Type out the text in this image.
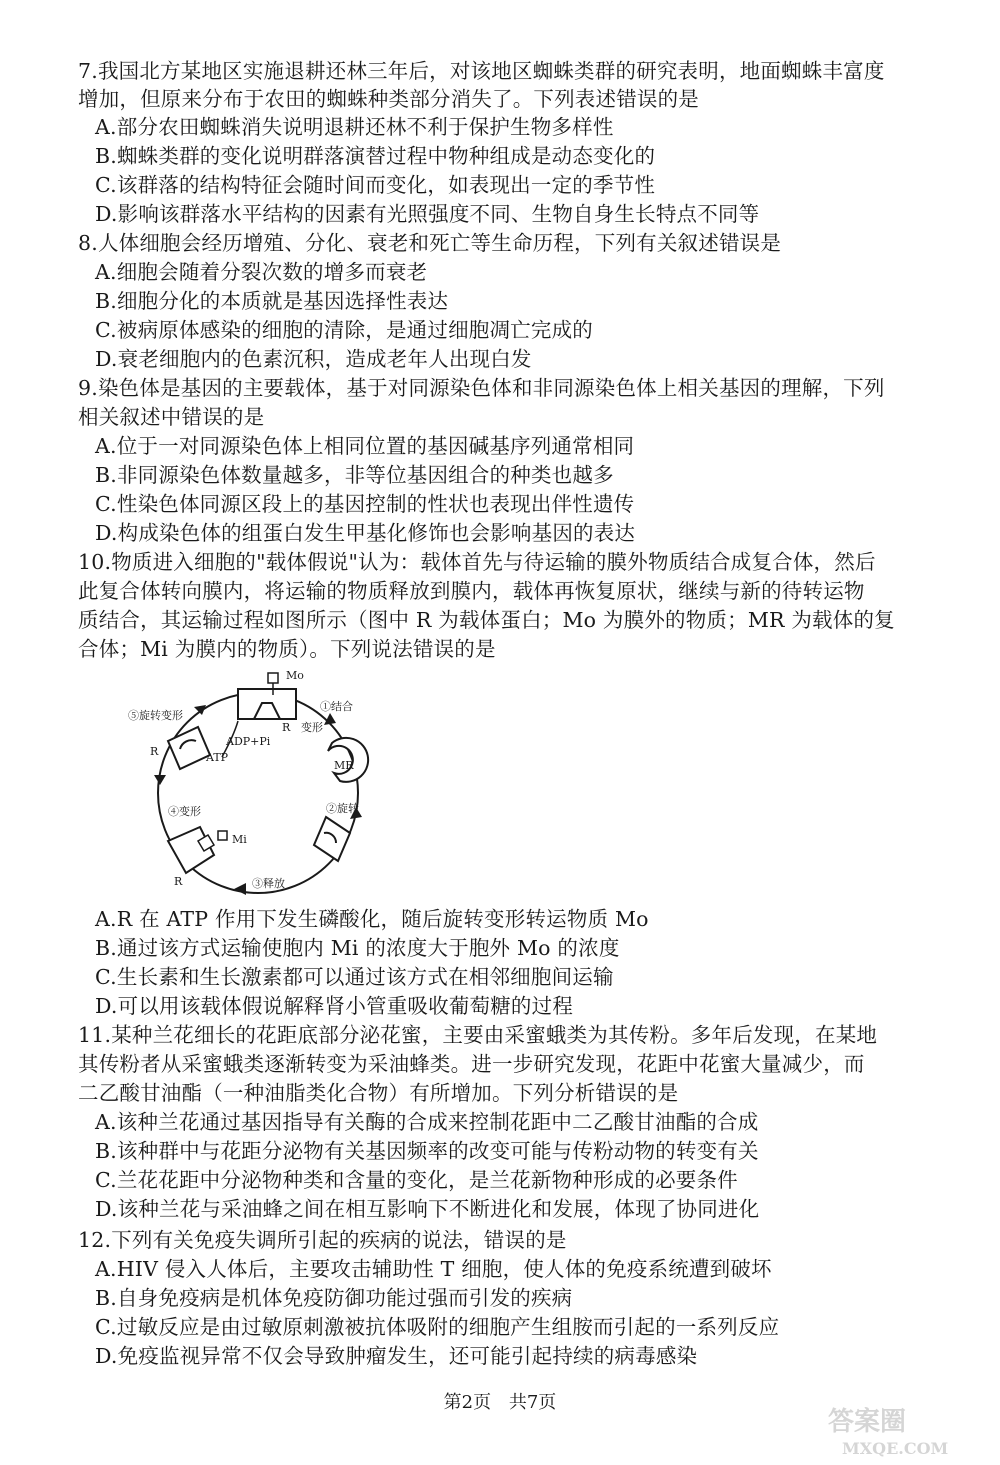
7.我国北方某地区实施退耕还林三年后，对该地区蜘蛛类群的研究表明，地面蜘蛛丰富度
增加，但原来分布于农田的蜘蛛种类部分消失了。下列表述错误的是
A.部分农田蜘蛛消失说明退耕还林不利于保护生物多样性
B.蜘蛛类群的变化说明群落演替过程中物种组成是动态变化的
C.该群落的结构特征会随时间而变化，如表现出一定的季节性
D.影响该群落水平结构的因素有光照强度不同、生物自身生长特点不同等
8.人体细胞会经历增殖、分化、衰老和死亡等生命历程，下列有关叙述错误是
A.细胞会随着分裂次数的增多而衰老
B.细胞分化的本质就是基因选择性表达
C.被病原体感染的细胞的清除，是通过细胞凋亡完成的
D.衰老细胞内的色素沉积，造成老年人出现白发
9.染色体是基因的主要载体，基于对同源染色体和非同源染色体上相关基因的理解，下列
相关叙述中错误的是
A.位于一对同源染色体上相同位置的基因碱基序列通常相同
B.非同源染色体数量越多，非等位基因组合的种类也越多
C.性染色体同源区段上的基因控制的性状也表现出伴性遗传
D.构成染色体的组蛋白发生甲基化修饰也会影响基因的表达
10.物质进入细胞的"载体假说"认为：载体首先与待运输的膜外物质结合成复合体，然后
此复合体转向膜内，将运输的物质释放到膜内，载体再恢复原状，继续与新的待转运物
质结合，其运输过程如图所示（图中 R 为载体蛋白；Mo 为膜外的物质；MR 为载体的复
合体；Mi 为膜内的物质）。下列说法错误的是
Mo
R
①结合
变形
MR
②旋转
Mi
R	③释放
④变形
R	ATP
ADP+Pi
⑤旋转变形
A.R 在 ATP 作用下发生磷酸化，随后旋转变形转运物质 Mo
B.通过该方式运输使胞内 Mi 的浓度大于胞外 Mo 的浓度
C.生长素和生长激素都可以通过该方式在相邻细胞间运输
D.可以用该载体假说解释肾小管重吸收葡萄糖的过程
11.某种兰花细长的花距底部分泌花蜜，主要由采蜜蛾类为其传粉。多年后发现，在某地
其传粉者从采蜜蛾类逐渐转变为采油蜂类。进一步研究发现，花距中花蜜大量减少，而
二乙酸甘油酯（一种油脂类化合物）有所增加。下列分析错误的是
A.该种兰花通过基因指导有关酶的合成来控制花距中二乙酸甘油酯的合成
B.该种群中与花距分泌物有关基因频率的改变可能与传粉动物的转变有关
C.兰花花距中分泌物种类和含量的变化，是兰花新物种形成的必要条件
D.该种兰花与采油蜂之间在相互影响下不断进化和发展，体现了协同进化
12.下列有关免疫失调所引起的疾病的说法，错误的是
A.HIV 侵入人体后，主要攻击辅助性 T 细胞，使人体的免疫系统遭到破坏
B.自身免疫病是机体免疫防御功能过强而引发的疾病
C.过敏反应是由过敏原刺激被抗体吸附的细胞产生组胺而引起的一系列反应
D.免疫监视异常不仅会导致肿瘤发生，还可能引起持续的病毒感染
第2页 共7页
答案圈
MXQE.COM
